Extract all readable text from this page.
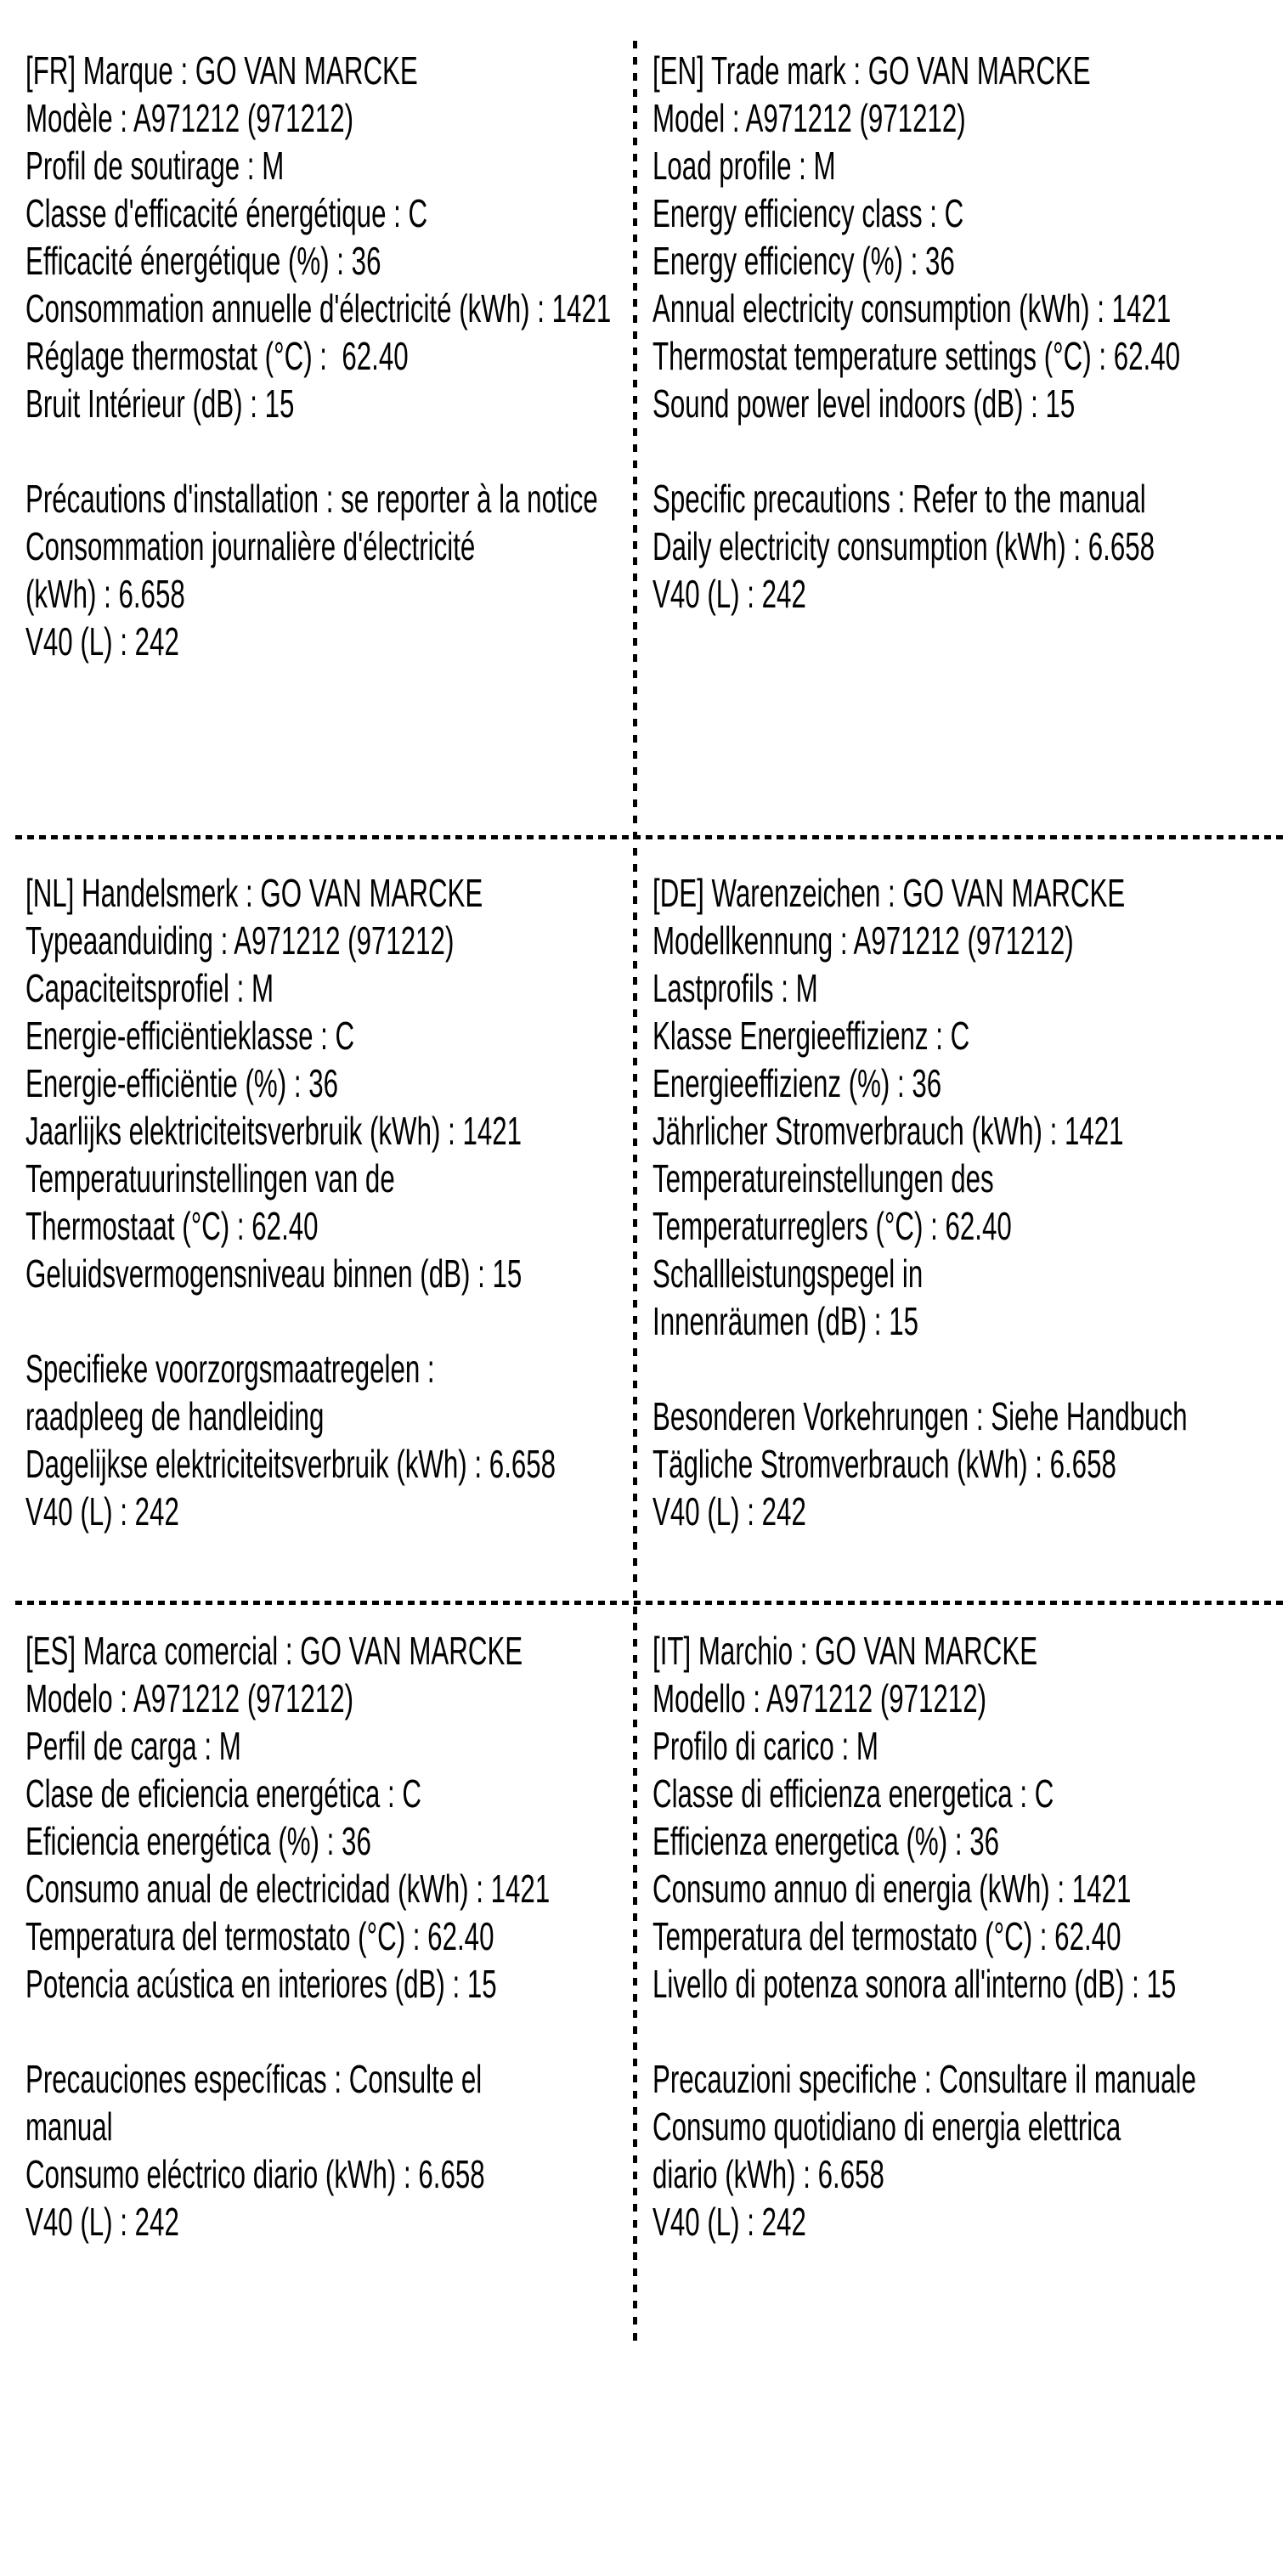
[FR] Marque : GO VAN MARCKE
Modèle : A971212 (971212)
Profil de soutirage : M
Classe d'efficacité énergétique : C
Efficacité énergétique (%) : 36
Consommation annuelle d'électricité (kWh) : 1421
Réglage thermostat (°C) :  62.40
Bruit Intérieur (dB) : 15
Précautions d'installation : se reporter à la notice
Consommation journalière d'électricité
(kWh) : 6.658
V40 (L) : 242
[EN] Trade mark : GO VAN MARCKE
Model : A971212 (971212)
Load profile : M
Energy efficiency class : C
Energy efficiency (%) : 36
Annual electricity consumption (kWh) : 1421
Thermostat temperature settings (°C) : 62.40
Sound power level indoors (dB) : 15
Specific precautions : Refer to the manual
Daily electricity consumption (kWh) : 6.658
V40 (L) : 242
[NL] Handelsmerk : GO VAN MARCKE
Typeaanduiding : A971212 (971212)
Capaciteitsprofiel : M
Energie-efficiëntieklasse : C
Energie-efficiëntie (%) : 36
Jaarlijks elektriciteitsverbruik (kWh) : 1421
Temperatuurinstellingen van de
Thermostaat (°C) : 62.40
Geluidsvermogensniveau binnen (dB) : 15
Specifieke voorzorgsmaatregelen :
raadpleeg de handleiding
Dagelijkse elektriciteitsverbruik (kWh) : 6.658
V40 (L) : 242
[DE] Warenzeichen : GO VAN MARCKE
Modellkennung : A971212 (971212)
Lastprofils : M
Klasse Energieeffizienz : C
Energieeffizienz (%) : 36
Jährlicher Stromverbrauch (kWh) : 1421
Temperatureinstellungen des
Temperaturreglers (°C) : 62.40
Schallleistungspegel in
Innenräumen (dB) : 15
Besonderen Vorkehrungen : Siehe Handbuch
Tägliche Stromverbrauch (kWh) : 6.658
V40 (L) : 242
[ES] Marca comercial : GO VAN MARCKE
Modelo : A971212 (971212)
Perfil de carga : M
Clase de eficiencia energética : C
Eficiencia energética (%) : 36
Consumo anual de electricidad (kWh) : 1421
Temperatura del termostato (°C) : 62.40
Potencia acústica en interiores (dB) : 15
Precauciones específicas : Consulte el
manual
Consumo eléctrico diario (kWh) : 6.658
V40 (L) : 242
[IT] Marchio : GO VAN MARCKE
Modello : A971212 (971212)
Profilo di carico : M
Classe di efficienza energetica : C
Efficienza energetica (%) : 36
Consumo annuo di energia (kWh) : 1421
Temperatura del termostato (°C) : 62.40
Livello di potenza sonora all'interno (dB) : 15
Precauzioni specifiche : Consultare il manuale
Consumo quotidiano di energia elettrica
diario (kWh) : 6.658
V40 (L) : 242
